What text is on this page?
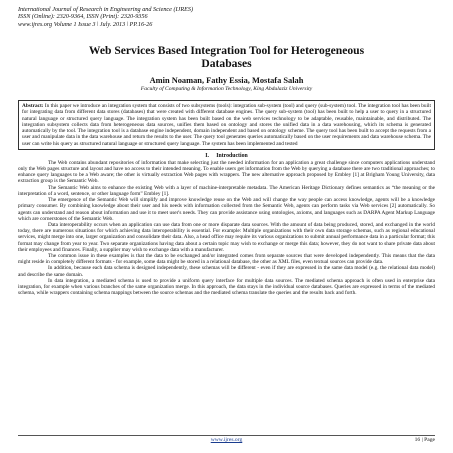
International Journal of Research in Engineering and Science (IJRES)
ISSN (Online): 2320-9364, ISSN (Print): 2320-9356
www.ijres.org Volume 1 Issue 3 ǀ July. 2013 ǀ PP.16-26
Web Services Based Integration Tool for Heterogeneous
Databases
Amin Noaman, Fathy Essia, Mostafa Salah
Faculty of Computing & Information Technology, King Abdulaziz University
Abstract: In this paper we introduce an integration system that consists of two subsystems (tools): integration sub-system (tool) and query (sub-system) tool. The integration tool has been built for integrating data from different data stores (databases) that were created with different database engines. The query sub-system (tool) has been built to help a user to query in a structured natural language or structured query language. The integration system has been built based on the web services technology to be adaptable, reusable, maintainable, and distributed. The integration subsystem collects data from heterogeneous data sources, unifies them based on ontology and stores the unified data in a data warehousing, which its schema is generated automatically by the tool. The integration tool is a database engine independent, domain independent and based on ontology scheme. The query tool has been built to accept the requests from a user and manipulate data in the data warehouse and return the results to the user. The query tool generates queries automatically based on the user requirements and data warehouse schema. The user can write his query as structured natural language or structured query language. The system has been implemented and tested
I.     Introduction

The Web contains abundant repositories of information that make selecting just the needed information for an application a great challenge since computers applications understand only the Web pages structure and layout and have no access to their intended meaning. To enable users get information from the Web by querying a database there are two traditional approaches; to enhance query languages to be a Web aware; the other is virtually extraction Web pages with wrappers. The new alternative approach proposed by Embley [1] at Brigham Young University, data extraction group is the Semantic Web.

The Semantic Web aims to enhance the existing Web with a layer of machine-interpretable metadata. The American Heritage Dictionary defines semantics as “the meaning or the interpretation of a word, sentence, or other language form” Embley [1].

The emergence of the Semantic Web will simplify and improve knowledge reuse on the Web and will change the way people can access knowledge, agents will be a knowledge primary consumer. By combining knowledge about their user and his needs with information collected from the Semantic Web, agents can perform tasks via Web services [2] automatically. So agents can understand and reason about information and use it to meet user's needs. They can provide assistance using ontologies, axioms, and languages such as DARPA Agent Markup Language which are cornerstones of the Semantic Web.

Data interoperability occurs when an application can use data from one or more disparate data sources. With the amount of data being produced, stored, and exchanged in the world today, there are numerous situations for which achieving data interoperability is essential. For example: Multiple organizations with their own data storage schemas, such as regional educational services, might merge into one, larger organization and consolidate their data. Also, a head office may require its various organizations to submit annual performance data in a particular format; this format may change from year to year. Two separate organizations having data about a certain topic may wish to exchange or merge this data; however, they do not want to share private data about their employees and finances. Finally, a supplier may wish to exchange data with a manufacturer.

The common issue in these examples is that the data to be exchanged and/or integrated comes from separate sources that were developed independently. This means that the data might reside in completely different formats - for example, some data might be stored in a relational database, the other as XML files, even textual sources can provide data.

In addition, because each data schema is designed independently, these schemas will be different - even if they are expressed in the same data model (e.g. the relational data model) and describe the same domain.

In data integration, a mediated schema is used to provide a uniform query interface for multiple data sources. The mediated schema approach is often used in enterprise data integration, for example when various branches of the same organization merge. In this approach, the data stays in the individual source databases. Queries are expressed in terms of the mediated schema, while wrappers containing schema mappings between the source schemas and the mediated schema translate the queries and the results back and forth.

www.ijres.org	16 | Page
